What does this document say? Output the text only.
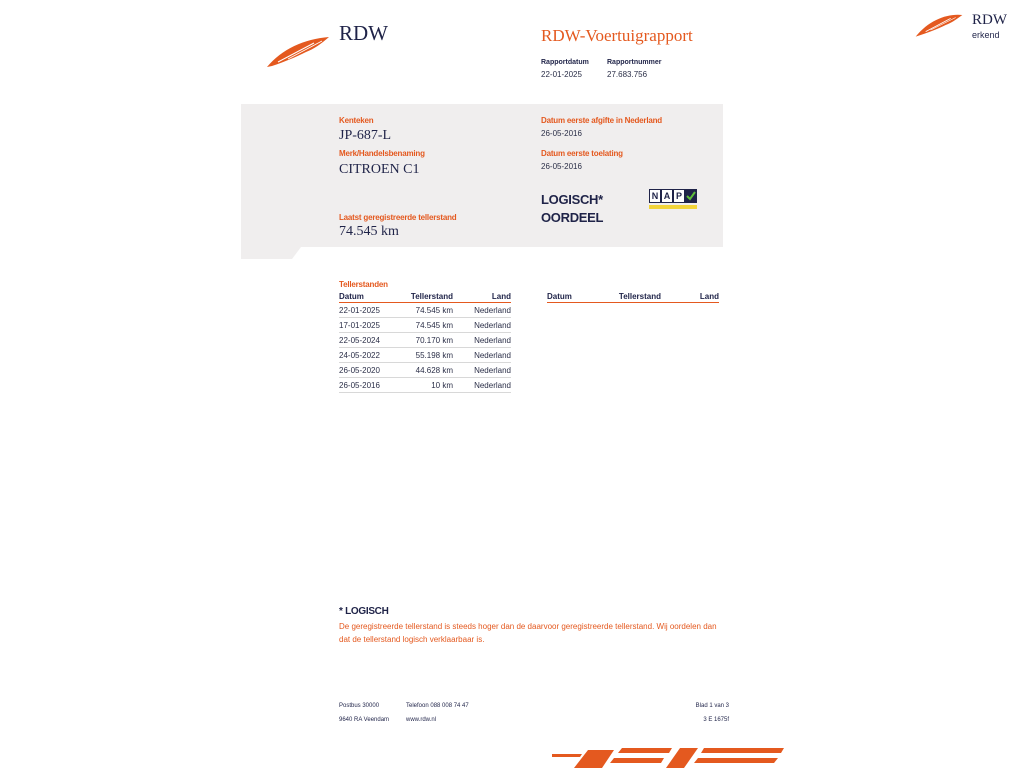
RDW
erkend
RDW	RDW-Voertuigrapport
Rapportdatum	Rapportnummer
22-01-2025	27.683.756
Kenteken
JP-687-L
Merk/Handelsbenaming
CITROEN C1
Laatst geregistreerde tellerstand
74.545 km
Datum eerste afgifte in Nederland
26-05-2016
Datum eerste toelating
26-05-2016
LOGISCH*
OORDEEL
N A P
Tellerstanden
Datum	Tellerstand	Land
22-01-2025	74.545 km	Nederland
17-01-2025	74.545 km	Nederland
22-05-2024	70.170 km	Nederland
24-05-2022	55.198 km	Nederland
26-05-2020	44.628 km	Nederland
26-05-2016	10 km	Nederland
Datum	Tellerstand	Land
* LOGISCH
De geregistreerde tellerstand is steeds hoger dan de daarvoor geregistreerde tellerstand. Wij oordelen dan
dat de tellerstand logisch verklaarbaar is.
Postbus 30000
9640 RA Veendam
Telefoon 088 008 74 47
www.rdw.nl
Blad 1 van 3
3 E 1675f
